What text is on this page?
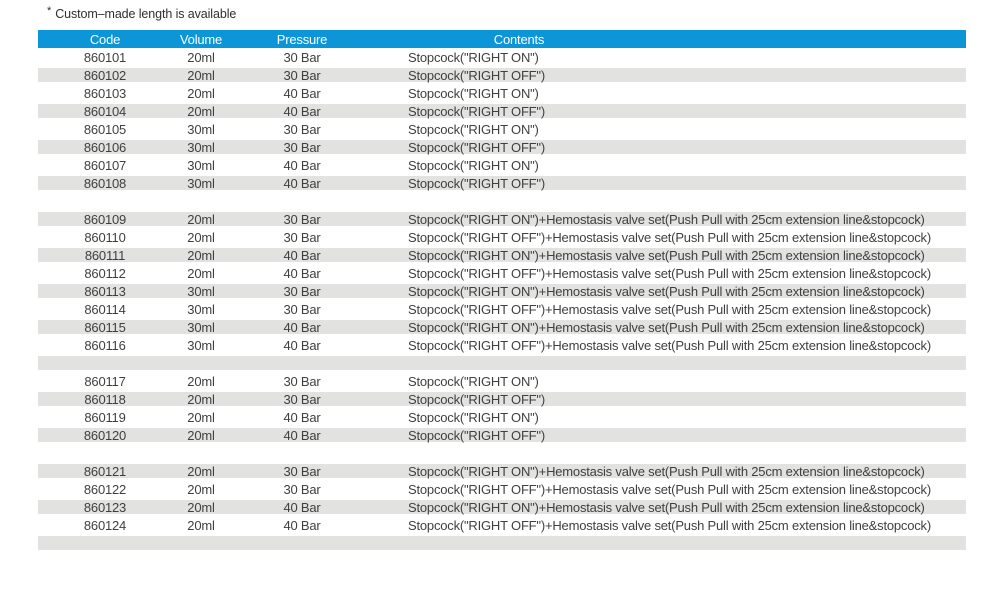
* Custom–made length is available
Code	Volume	Pressure	Contents
860101	20ml	30 Bar	Stopcock("RIGHT ON")
860102	20ml	30 Bar	Stopcock("RIGHT OFF")
860103	20ml	40 Bar	Stopcock("RIGHT ON")
860104	20ml	40 Bar	Stopcock("RIGHT OFF")
860105	30ml	30 Bar	Stopcock("RIGHT ON")
860106	30ml	30 Bar	Stopcock("RIGHT OFF")
860107	30ml	40 Bar	Stopcock("RIGHT ON")
860108	30ml	40 Bar	Stopcock("RIGHT OFF")
860109	20ml	30 Bar	Stopcock("RIGHT ON")+Hemostasis valve set(Push Pull with 25cm extension line&stopcock)
860110	20ml	30 Bar	Stopcock("RIGHT OFF")+Hemostasis valve set(Push Pull with 25cm extension line&stopcock)
860111	20ml	40 Bar	Stopcock("RIGHT ON")+Hemostasis valve set(Push Pull with 25cm extension line&stopcock)
860112	20ml	40 Bar	Stopcock("RIGHT OFF")+Hemostasis valve set(Push Pull with 25cm extension line&stopcock)
860113	30ml	30 Bar	Stopcock("RIGHT ON")+Hemostasis valve set(Push Pull with 25cm extension line&stopcock)
860114	30ml	30 Bar	Stopcock("RIGHT OFF")+Hemostasis valve set(Push Pull with 25cm extension line&stopcock)
860115	30ml	40 Bar	Stopcock("RIGHT ON")+Hemostasis valve set(Push Pull with 25cm extension line&stopcock)
860116	30ml	40 Bar	Stopcock("RIGHT OFF")+Hemostasis valve set(Push Pull with 25cm extension line&stopcock)
860117	20ml	30 Bar	Stopcock("RIGHT ON")
860118	20ml	30 Bar	Stopcock("RIGHT OFF")
860119	20ml	40 Bar	Stopcock("RIGHT ON")
860120	20ml	40 Bar	Stopcock("RIGHT OFF")
860121	20ml	30 Bar	Stopcock("RIGHT ON")+Hemostasis valve set(Push Pull with 25cm extension line&stopcock)
860122	20ml	30 Bar	Stopcock("RIGHT OFF")+Hemostasis valve set(Push Pull with 25cm extension line&stopcock)
860123	20ml	40 Bar	Stopcock("RIGHT ON")+Hemostasis valve set(Push Pull with 25cm extension line&stopcock)
860124	20ml	40 Bar	Stopcock("RIGHT OFF")+Hemostasis valve set(Push Pull with 25cm extension line&stopcock)
